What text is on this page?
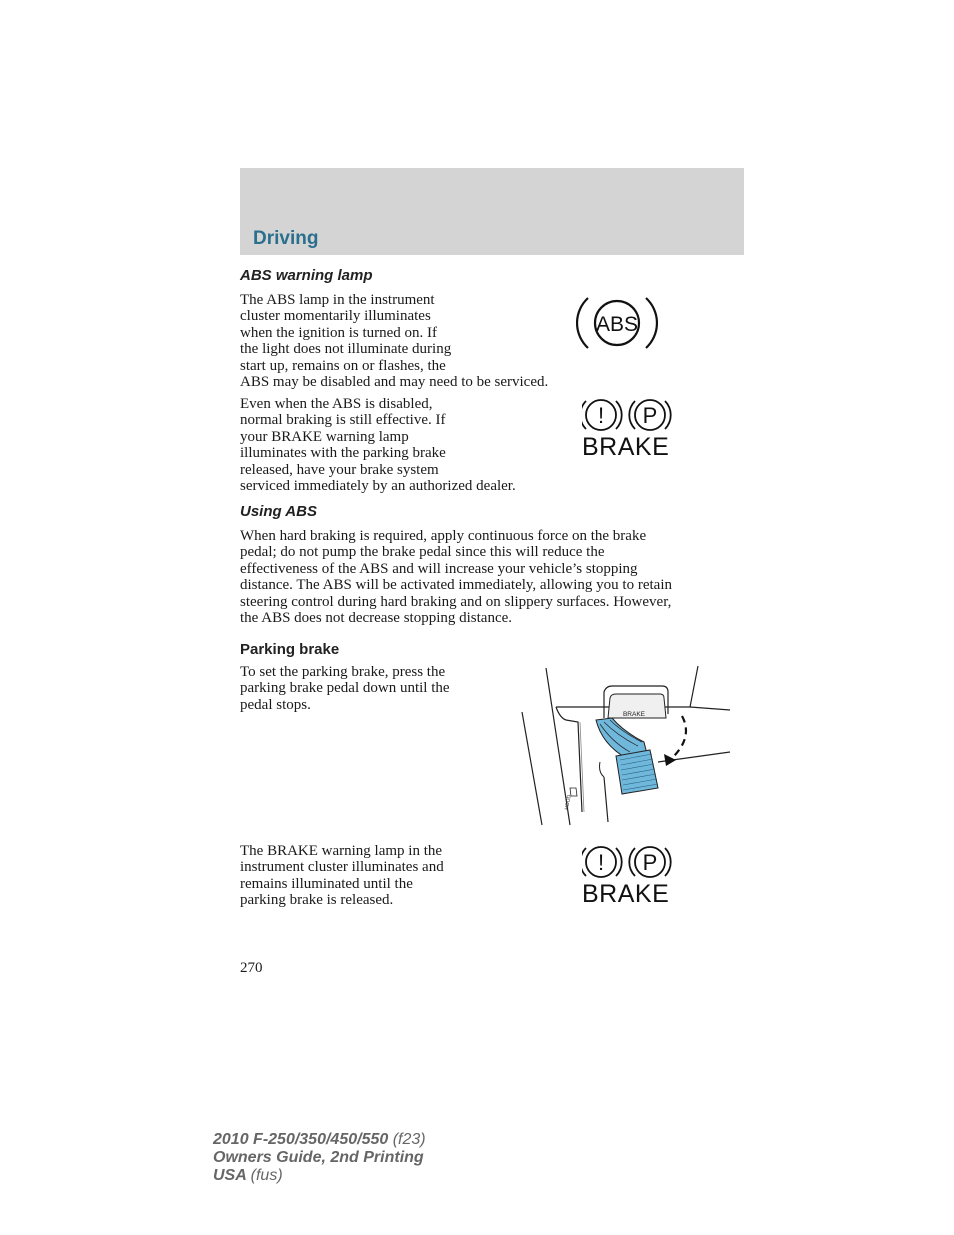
Driving
ABS warning lamp
The ABS lamp in the instrument
cluster momentarily illuminates
when the ignition is turned on. If
the light does not illuminate during
start up, remains on or flashes, the
ABS may be disabled and may need to be serviced.
ABS
Even when the ABS is disabled,
normal braking is still effective. If
your BRAKE warning lamp
illuminates with the parking brake
released, have your brake system
serviced immediately by an authorized dealer.
! P
BRAKE
Using ABS
When hard braking is required, apply continuous force on the brake
pedal; do not pump the brake pedal since this will reduce the
effectiveness of the ABS and will increase your vehicle’s stopping
distance. The ABS will be activated immediately, allowing you to retain
steering control during hard braking and on slippery surfaces. However,
the ABS does not decrease stopping distance.
Parking brake
To set the parking brake, press the
parking brake pedal down until the
pedal stops.
BRAKE
HOOD
The BRAKE warning lamp in the
instrument cluster illuminates and
remains illuminated until the
parking brake is released.
! P
BRAKE
270
2010 F-250/350/450/550 (f23)
Owners Guide, 2nd Printing
USA (fus)
